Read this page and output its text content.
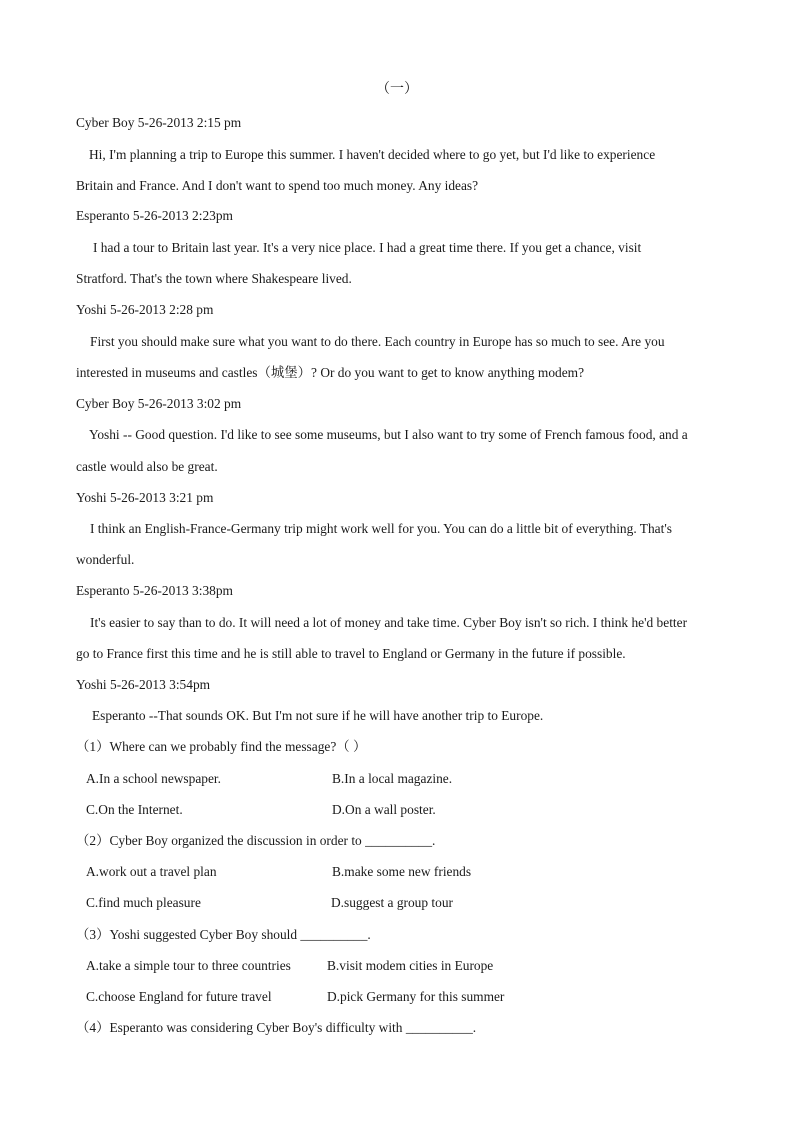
（一）
Cyber Boy 5-26-2013 2:15 pm
Hi, I'm planning a trip to Europe this summer. I haven't decided where to go yet, but I'd like to experience
Britain and France. And I don't want to spend too much money. Any ideas?
Esperanto 5-26-2013 2:23pm
I had a tour to Britain last year. It's a very nice place. I had a great time there. If you get a chance, visit
Stratford. That's the town where Shakespeare lived.
Yoshi 5-26-2013 2:28 pm
First you should make sure what you want to do there. Each country in Europe has so much to see. Are you
interested in museums and castles（城堡）? Or do you want to get to know anything modem?
Cyber Boy 5-26-2013 3:02 pm
Yoshi -- Good question. I'd like to see some museums, but I also want to try some of French famous food, and a
castle would also be great.
Yoshi 5-26-2013 3:21 pm
I think an English-France-Germany trip might work well for you. You can do a little bit of everything. That's
wonderful.
Esperanto 5-26-2013 3:38pm
It's easier to say than to do. It will need a lot of money and take time. Cyber Boy isn't so rich. I think he'd better
go to France first this time and he is still able to travel to England or Germany in the future if possible.
Yoshi 5-26-2013 3:54pm
Esperanto --That sounds OK. But I'm not sure if he will have another trip to Europe.
（1）Where can we probably find the message?（ ）
A.In a school newspaper.	B.In a local magazine.
C.On the Internet.	D.On a wall poster.
（2）Cyber Boy organized the discussion in order to __________.
A.work out a travel plan	B.make some new friends
C.find much pleasure	D.suggest a group tour
（3）Yoshi suggested Cyber Boy should __________.
A.take a simple tour to three countries	B.visit modem cities in Europe
C.choose England for future travel	D.pick Germany for this summer
（4）Esperanto was considering Cyber Boy's difficulty with __________.
